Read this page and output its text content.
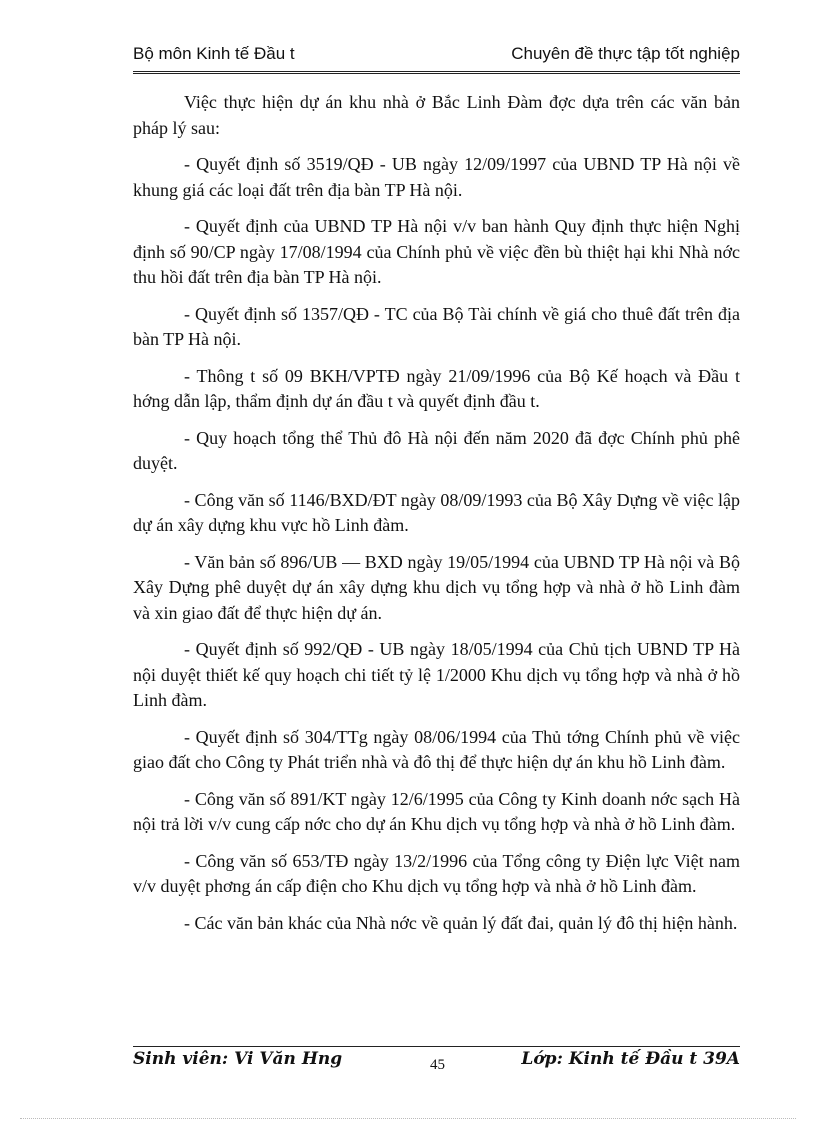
Bộ môn Kinh tế Đầu t	Chuyên đề thực tập tốt nghiệp

Việc thực hiện dự án khu nhà ở Bắc Linh Đàm đợc dựa trên các văn bản pháp lý sau:

- Quyết định số 3519/QĐ - UB ngày 12/09/1997 của UBND TP Hà nội về khung giá các loại đất trên địa bàn TP Hà nội.

- Quyết định của UBND TP Hà nội v/v ban hành Quy định thực hiện Nghị định số 90/CP ngày 17/08/1994 của Chính phủ về việc đền bù thiệt hại khi Nhà nớc thu hồi đất trên địa bàn TP Hà nội.

- Quyết định số 1357/QĐ - TC của Bộ Tài chính về giá cho thuê đất trên địa bàn TP Hà nội.

- Thông t số 09 BKH/VPTĐ ngày 21/09/1996 của Bộ Kế hoạch và Đầu t hớng dẫn lập, thẩm định dự án đầu t và quyết định đầu t.

- Quy hoạch tổng thể Thủ đô Hà nội đến năm 2020 đã đợc Chính phủ phê duyệt.

- Công văn số 1146/BXD/ĐT ngày 08/09/1993 của Bộ Xây Dựng về việc lập dự án xây dựng khu vực hồ Linh đàm.

- Văn bản số 896/UB — BXD ngày 19/05/1994 của UBND TP Hà nội và Bộ Xây Dựng phê duyệt dự án xây dựng khu dịch vụ tổng hợp và nhà ở hồ Linh đàm và xin giao đất để thực hiện dự án.

- Quyết định số 992/QĐ - UB ngày 18/05/1994 của Chủ tịch UBND TP Hà nội duyệt thiết kế quy hoạch chi tiết tỷ lệ 1/2000 Khu dịch vụ tổng hợp và nhà ở hồ Linh đàm.

- Quyết định số 304/TTg ngày 08/06/1994 của Thủ tớng Chính phủ về việc giao đất cho Công ty Phát triển nhà và đô thị để thực hiện dự án khu hồ Linh đàm.

- Công văn số 891/KT ngày 12/6/1995 của Công ty Kinh doanh nớc sạch Hà nội trả lời v/v cung cấp nớc cho dự án Khu dịch vụ tổng hợp và nhà ở hồ Linh đàm.

- Công văn số 653/TĐ ngày 13/2/1996 của Tổng công ty Điện lực Việt nam v/v duyệt phơng án cấp điện cho Khu dịch vụ tổng hợp và nhà ở hồ Linh đàm.

- Các văn bản khác của Nhà nớc về quản lý đất đai, quản lý đô thị hiện hành.

Sinh viên: Vi Văn Hng	45	Lớp: Kinh tế Đầu t 39A
